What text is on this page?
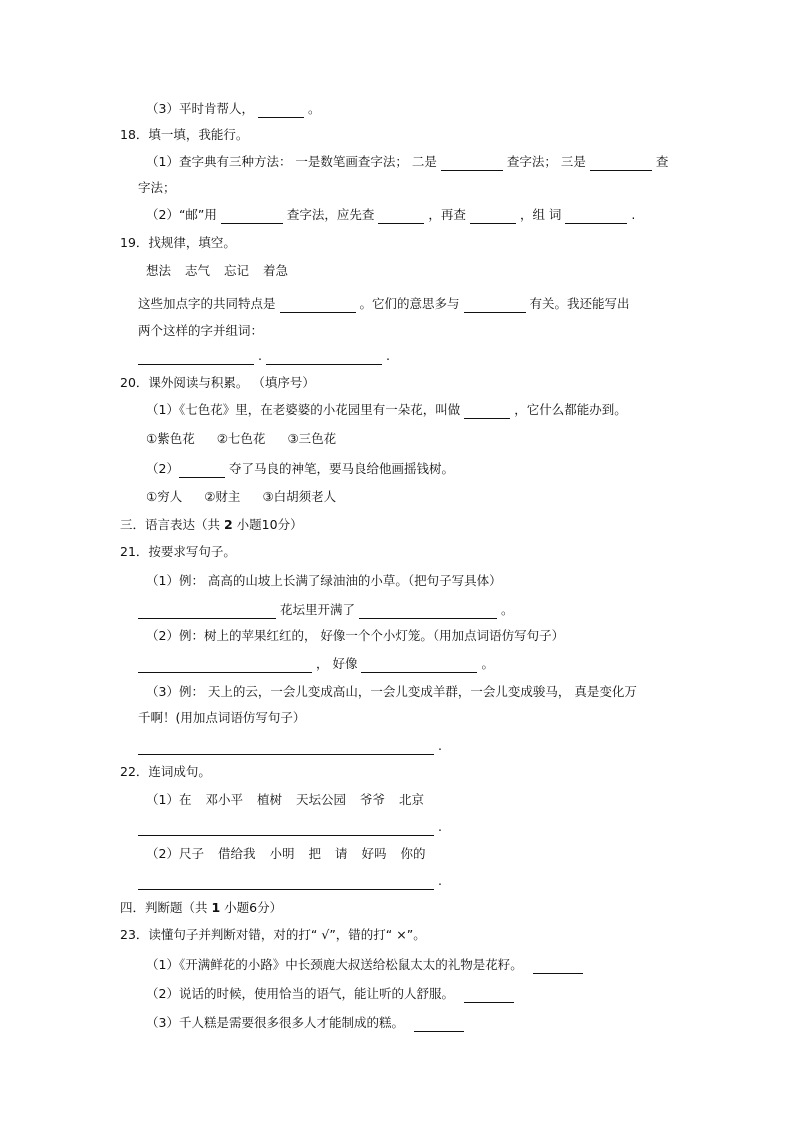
（3）平时肯帮人，	。
18．填一填，我能行。
（1）查字典有三种方法： 一是数笔画查字法； 二是	查字法； 三是	查
字法；
（2）“邮”用	查字法，应先查	，再查	，组 词	.
19．找规律，填空。
想法 志气 忘记 着急
这些加点字的共同特点是	。它们的意思多与	有关。我还能写出
两个这样的字并组词：
.	.
20．课外阅读与积累。 （填序号）
（1）《七色花》里，在老婆婆的小花园里有一朵花，叫做	，它什么都能办到。
①紫色花 ②七色花 ③三色花
（2）	夺了马良的神笔，要马良给他画摇钱树。
①穷人 ②财主 ③白胡须老人
三．语言表达（共 2 小题10分）
21．按要求写句子。
（1）例： 高高的山坡上长满了绿油油的小草。（把句子写具体）
花坛里开满了	。
（2）例：树上的苹果红红的， 好像一个个小灯笼。（用加点词语仿写句子）
， 好像	。
（3）例： 天上的云，一会儿变成高山，一会儿变成羊群，一会儿变成骏马， 真是变化万
千啊！(用加点词语仿写句子）
.
22．连词成句。
（1）在 邓小平 植树 天坛公园 爷爷 北京
.
（2）尺子 借给我 小明 把 请 好吗 你的
.
四．判断题（共 1 小题6分）
23．读懂句子并判断对错，对的打“ √”，错的打“ ×”。
（1）《开满鲜花的小路》中长颈鹿大叔送给松鼠太太的礼物是花籽。
（2）说话的时候，使用恰当的语气，能让听的人舒服。
（3）千人糕是需要很多很多人才能制成的糕。
